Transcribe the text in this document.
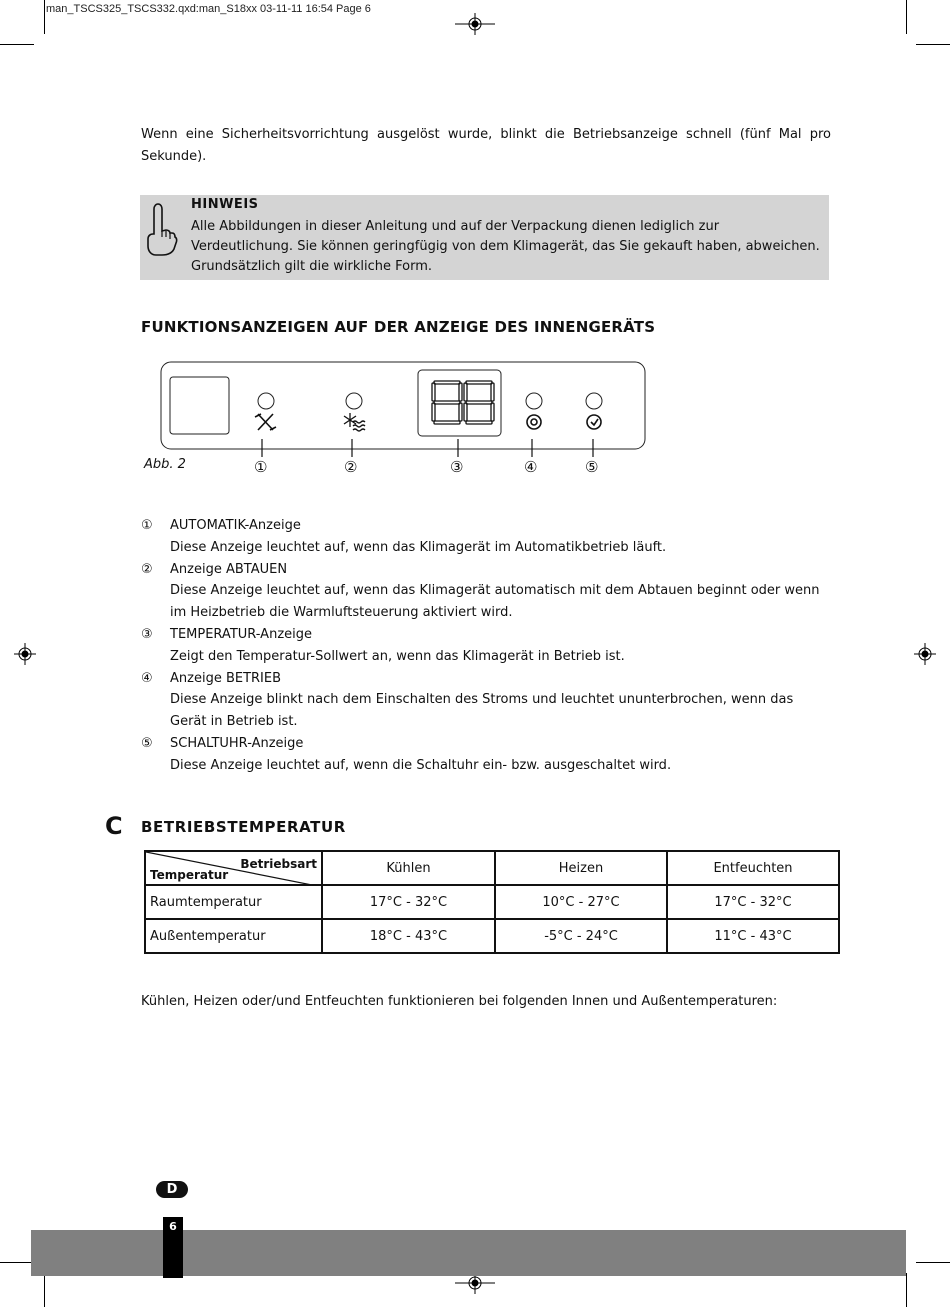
man_TSCS325_TSCS332.qxd:man_S18xx 03-11-11 16:54 Page 6
Wenn eine Sicherheitsvorrichtung ausgelöst wurde, blinkt die Betriebsanzeige schnell (fünf Mal pro Sekunde).
HINWEIS
Alle Abbildungen in dieser Anleitung und auf der Verpackung dienen lediglich zur Verdeutlichung. Sie können geringfügig von dem Klimagerät, das Sie gekauft haben, abweichen. Grundsätzlich gilt die wirkliche Form.
FUNKTIONSANZEIGEN AUF DER ANZEIGE DES INNENGERÄTS
①	②	③	④	⑤
Abb. 2
① AUTOMATIK-Anzeige
Diese Anzeige leuchtet auf, wenn das Klimagerät im Automatikbetrieb läuft.
② Anzeige ABTAUEN
Diese Anzeige leuchtet auf, wenn das Klimagerät automatisch mit dem Abtauen beginnt oder wenn im Heizbetrieb die Warmluftsteuerung aktiviert wird.
③ TEMPERATUR-Anzeige
Zeigt den Temperatur-Sollwert an, wenn das Klimagerät in Betrieb ist.
④ Anzeige BETRIEB
Diese Anzeige blinkt nach dem Einschalten des Stroms und leuchtet ununterbrochen, wenn das Gerät in Betrieb ist.
⑤ SCHALTUHR-Anzeige
Diese Anzeige leuchtet auf, wenn die Schaltuhr ein- bzw. ausgeschaltet wird.
C BETRIEBSTEMPERATUR
Betriebsart
Temperatur	Kühlen	Heizen	Entfeuchten
Raumtemperatur	17°C - 32°C	10°C - 27°C	17°C - 32°C
Außentemperatur	18°C - 43°C	-5°C - 24°C	11°C - 43°C
Kühlen, Heizen oder/und Entfeuchten funktionieren bei folgenden Innen und Außentemperaturen:
D
6
